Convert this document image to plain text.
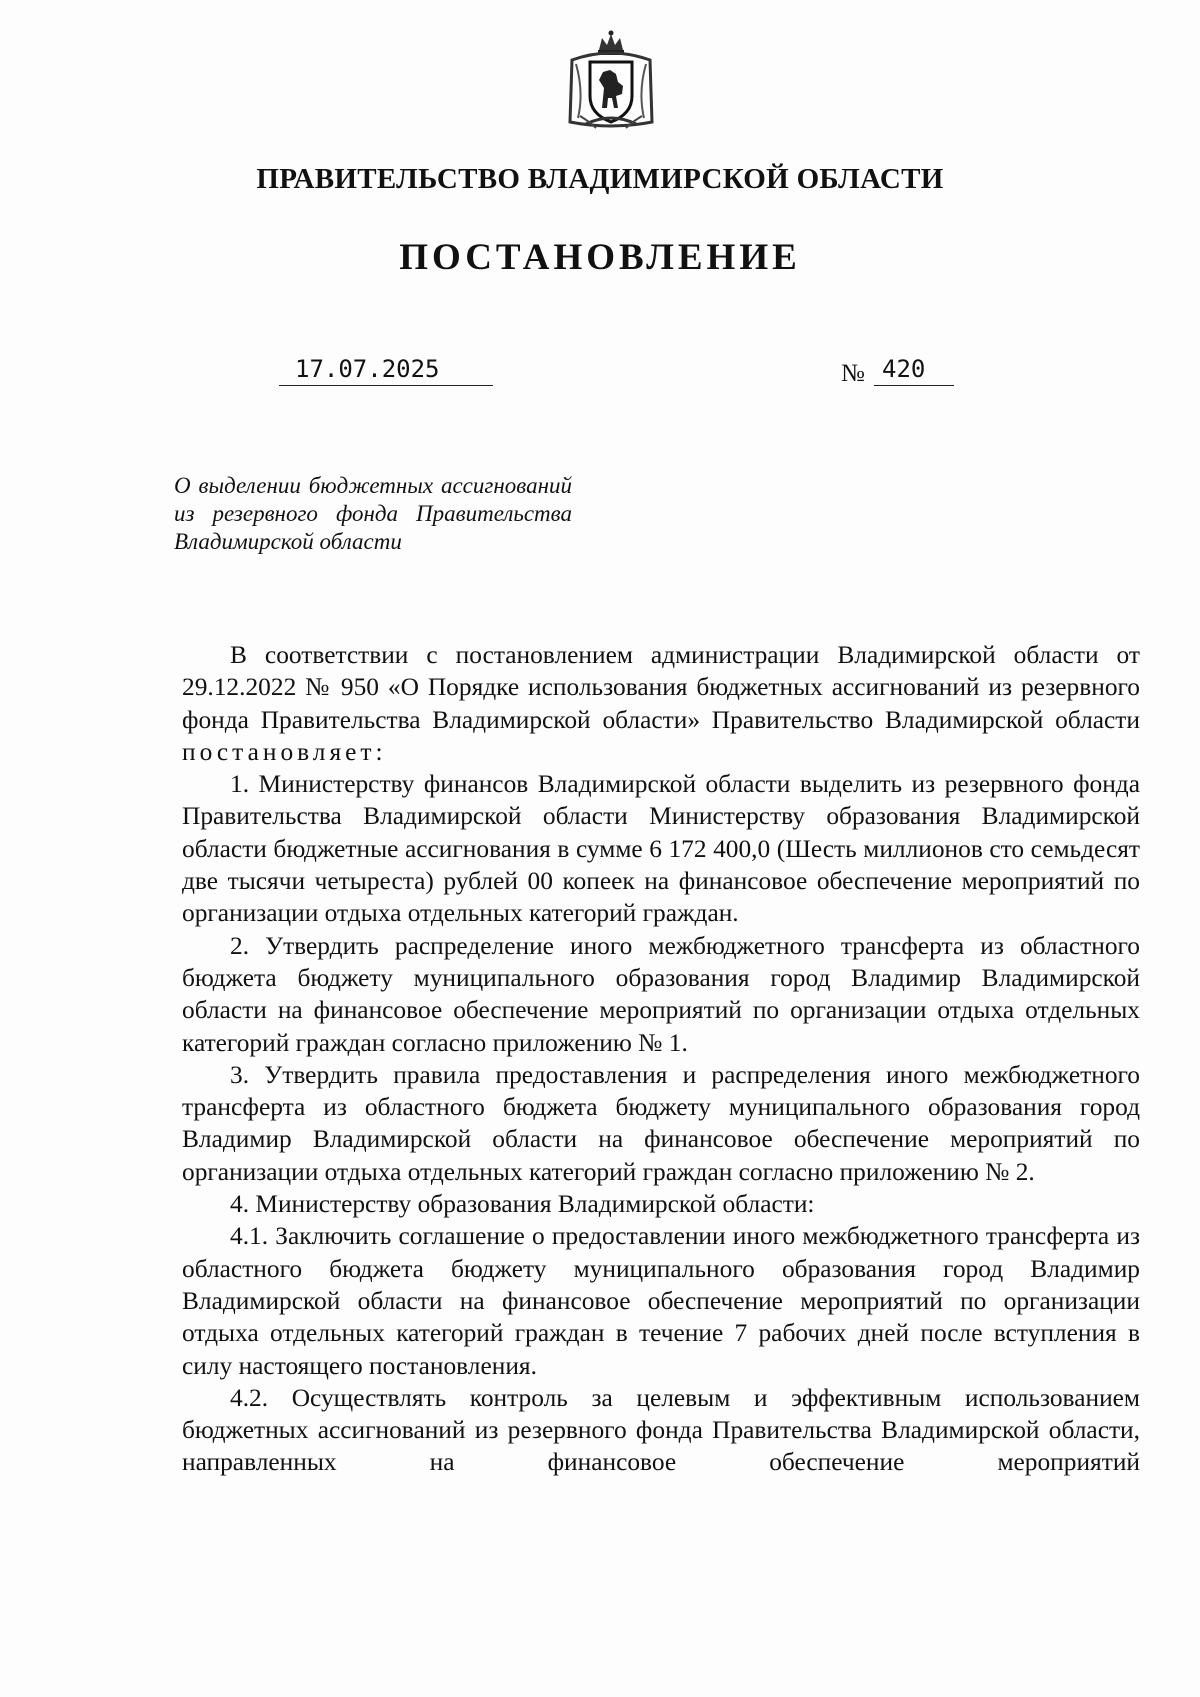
ПРАВИТЕЛЬСТВО ВЛАДИМИРСКОЙ ОБЛАСТИ
ПОСТАНОВЛЕНИЕ
17.07.2025	№ 420
О выделении бюджетных ассигнований из резервного фонда Правительства Владимирской области

В соответствии с постановлением администрации Владимирской области от 29.12.2022 № 950 «О Порядке использования бюджетных ассигнований из резервного фонда Правительства Владимирской области» Правительство Владимирской области постановляет:

1. Министерству финансов Владимирской области выделить из резервного фонда Правительства Владимирской области Министерству образования Владимирской области бюджетные ассигнования в сумме 6 172 400,0 (Шесть миллионов сто семьдесят две тысячи четыреста) рублей 00 копеек на финансовое обеспечение мероприятий по организации отдыха отдельных категорий граждан.

2. Утвердить распределение иного межбюджетного трансферта из областного бюджета бюджету муниципального образования город Владимир Владимирской области на финансовое обеспечение мероприятий по организации отдыха отдельных категорий граждан согласно приложению № 1.

3. Утвердить правила предоставления и распределения иного межбюджетного трансферта из областного бюджета бюджету муниципального образования город Владимир Владимирской области на финансовое обеспечение мероприятий по организации отдыха отдельных категорий граждан согласно приложению № 2.

4. Министерству образования Владимирской области:

4.1. Заключить соглашение о предоставлении иного межбюджетного трансферта из областного бюджета бюджету муниципального образования город Владимир Владимирской области на финансовое обеспечение мероприятий по организации отдыха отдельных категорий граждан в течение 7 рабочих дней после вступления в силу настоящего постановления.

4.2. Осуществлять контроль за целевым и эффективным использованием бюджетных ассигнований из резервного фонда Правительства Владимирской области, направленных на финансовое обеспечение мероприятий
